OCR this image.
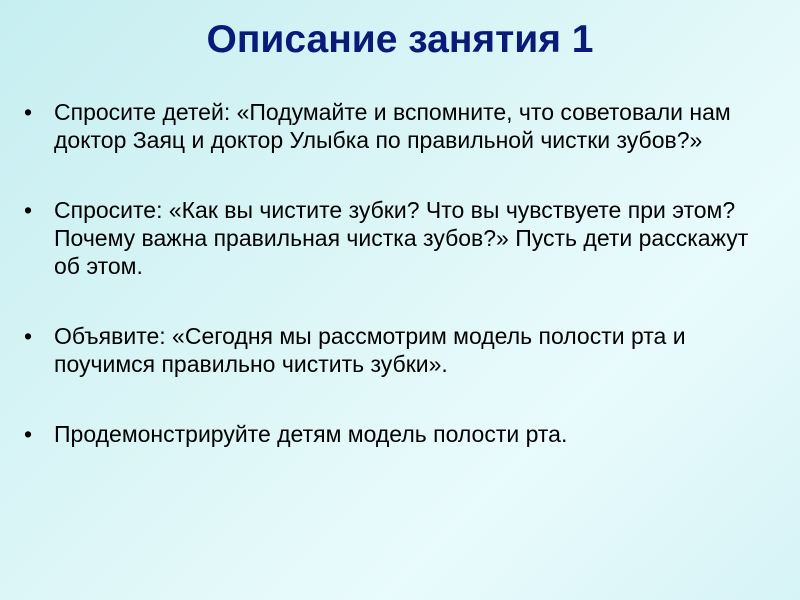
Описание занятия 1
• Спросите детей: «Подумайте и вспомните, что советовали нам доктор Заяц и доктор Улыбка по правильной чистки зубов?»
• Спросите: «Как вы чистите зубки? Что вы чувствуете при этом? Почему важна правильная чистка зубов?» Пусть дети расскажут об этом.
• Объявите: «Сегодня мы рассмотрим модель полости рта и поучимся правильно чистить зубки».
• Продемонстрируйте детям модель полости рта.
